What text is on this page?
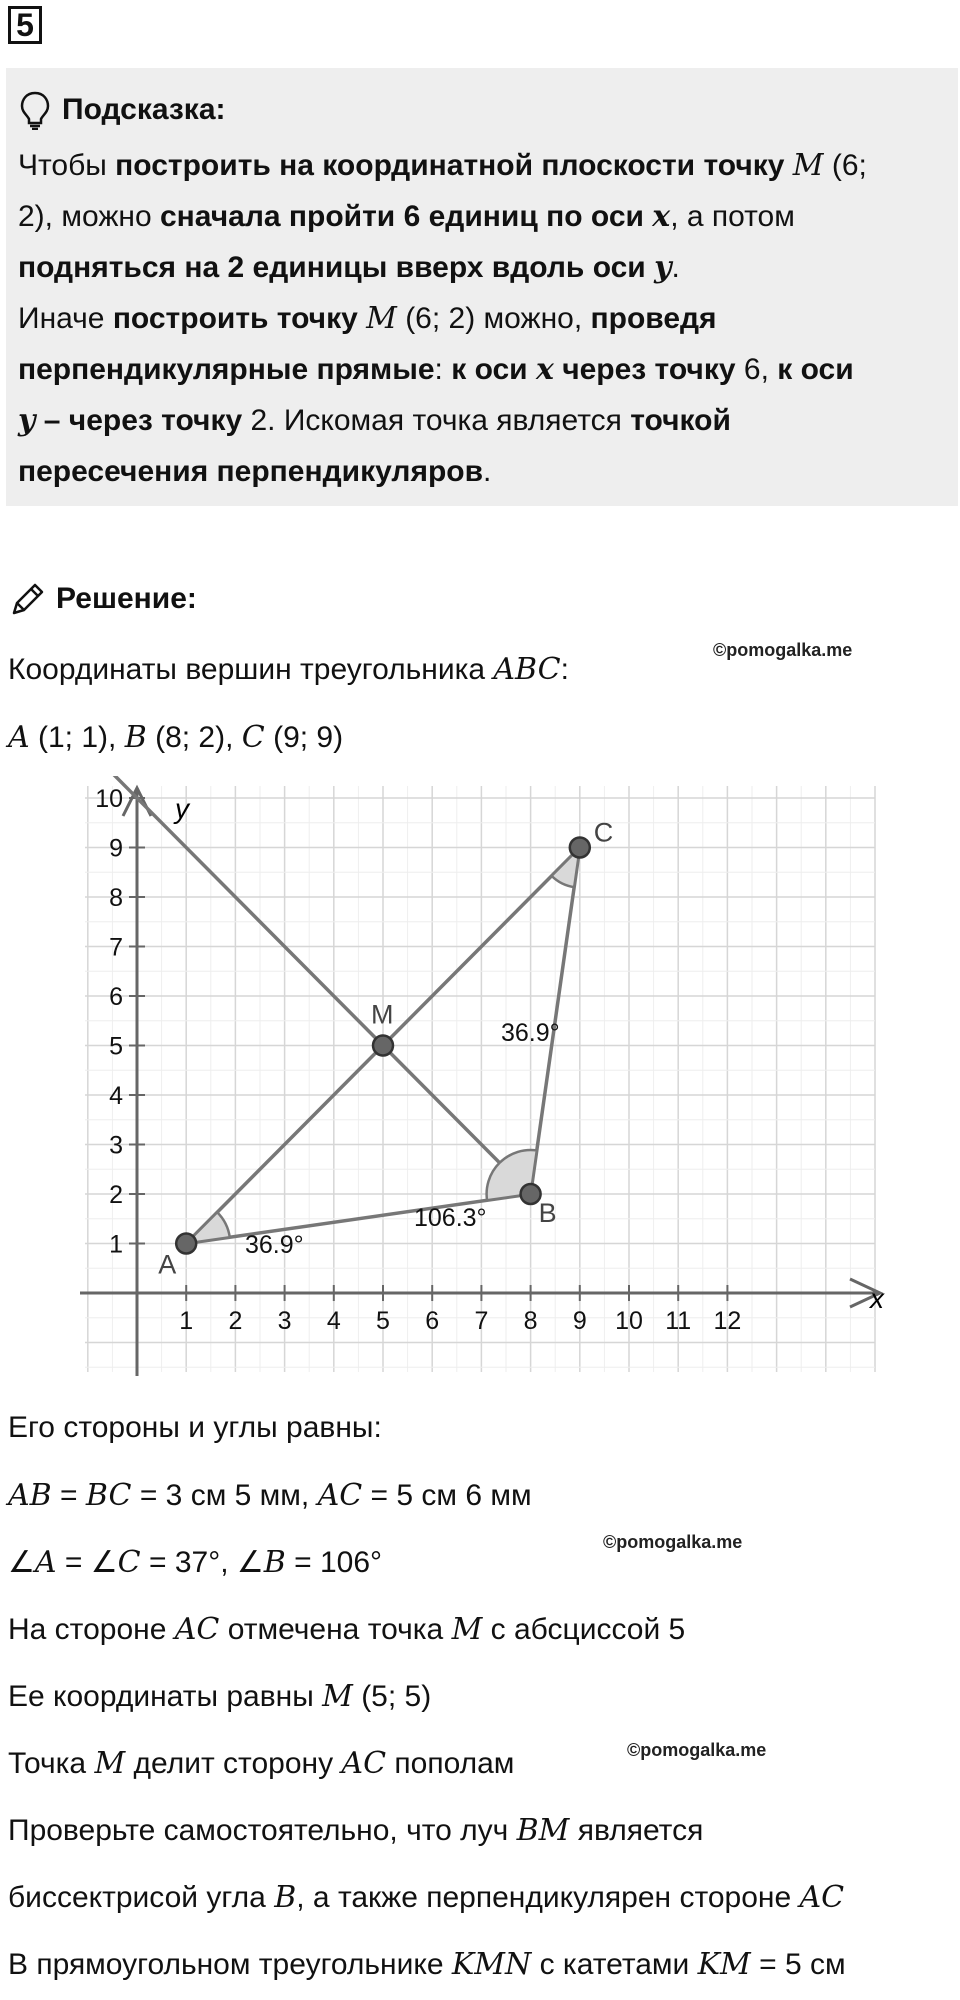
5
Подсказка:

Чтобы построить на координатной плоскости точку M (6;

2), можно сначала пройти 6 единиц по оси x, а потом

подняться на 2 единицы вверх вдоль оси y.

Иначе построить точку M (6; 2) можно, проведя

перпендикулярные прямые: к оси x через точку 6, к оси

y – через точку 2. Искомая точка является точкой

пересечения перпендикуляров.

Решение:
©pomogalka.me

Координаты вершин треугольника ABC:

A (1; 1), B (8; 2), C (9; 9)

1 2 3 4 5 6 7 8 9 10 11 12
1
2
3
4
5
6
7
8
9
10
36.9°
106.3°
36.9°
A
B
C
M
x
y

Его стороны и углы равны:

AB = BC = 3 см 5 мм, AC = 5 см 6 мм

©pomogalka.me

∠A = ∠C = 37°, ∠B = 106°

На стороне AC отмечена точка M с абсциссой 5

Ее координаты равны M (5; 5)

©pomogalka.me

Точка M делит сторону AC пополам

Проверьте самостоятельно, что луч BM является

биссектрисой угла B, а также перпендикулярен стороне AC

В прямоугольном треугольнике KMN с катетами KM = 5 см
